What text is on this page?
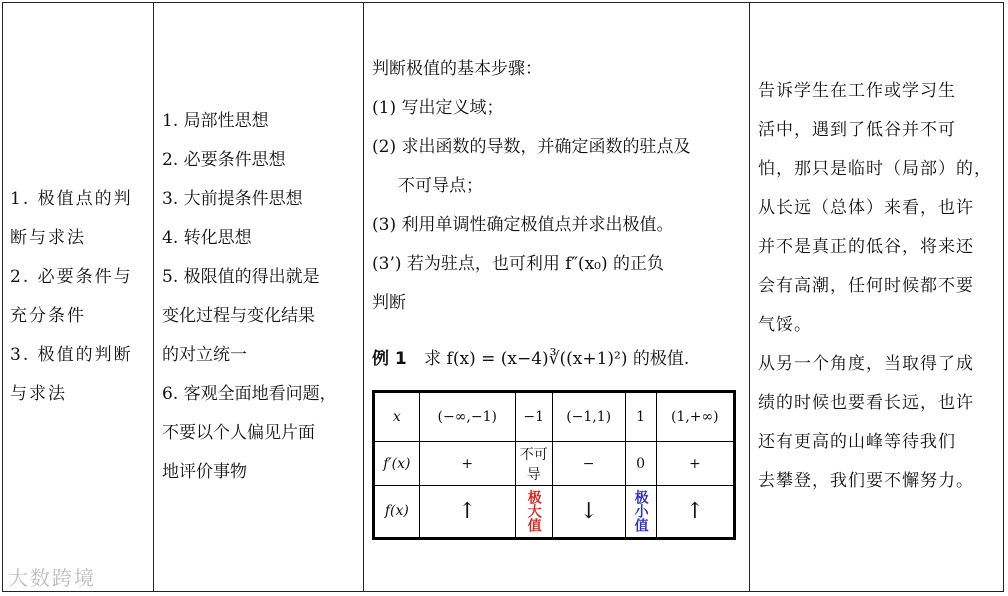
1. 极值点的判
断与求法
2. 必要条件与
充分条件
3. 极值的判断
与求法
1. 局部性思想
2. 必要条件思想
3. 大前提条件思想
4. 转化思想
5. 极限值的得出就是
变化过程与变化结果
的对立统一
6. 客观全面地看问题，
不要以个人偏见片面
地评价事物
判断极值的基本步骤：
(1) 写出定义域；
(2) 求出函数的导数，并确定函数的驻点及
不可导点；
(3) 利用单调性确定极值点并求出极值。
(3’) 若为驻点，也可利用 f″(x₀) 的正负
判断
例 1 求 f(x) = (x−4)∛((x+1)²) 的极值.
x	(−∞,−1)	−1	(−1,1)	1	(1,+∞)
f′(x)	+	不可导	−	0	+
f(x)	↑	极大值	↓	极小值	↑
告诉学生在工作或学习生
活中，遇到了低谷并不可
怕，那只是临时（局部）的，
从长远（总体）来看，也许
并不是真正的低谷，将来还
会有高潮，任何时候都不要
气馁。
从另一个角度，当取得了成
绩的时候也要看长远，也许
还有更高的山峰等待我们
去攀登，我们要不懈努力。
大数跨境
